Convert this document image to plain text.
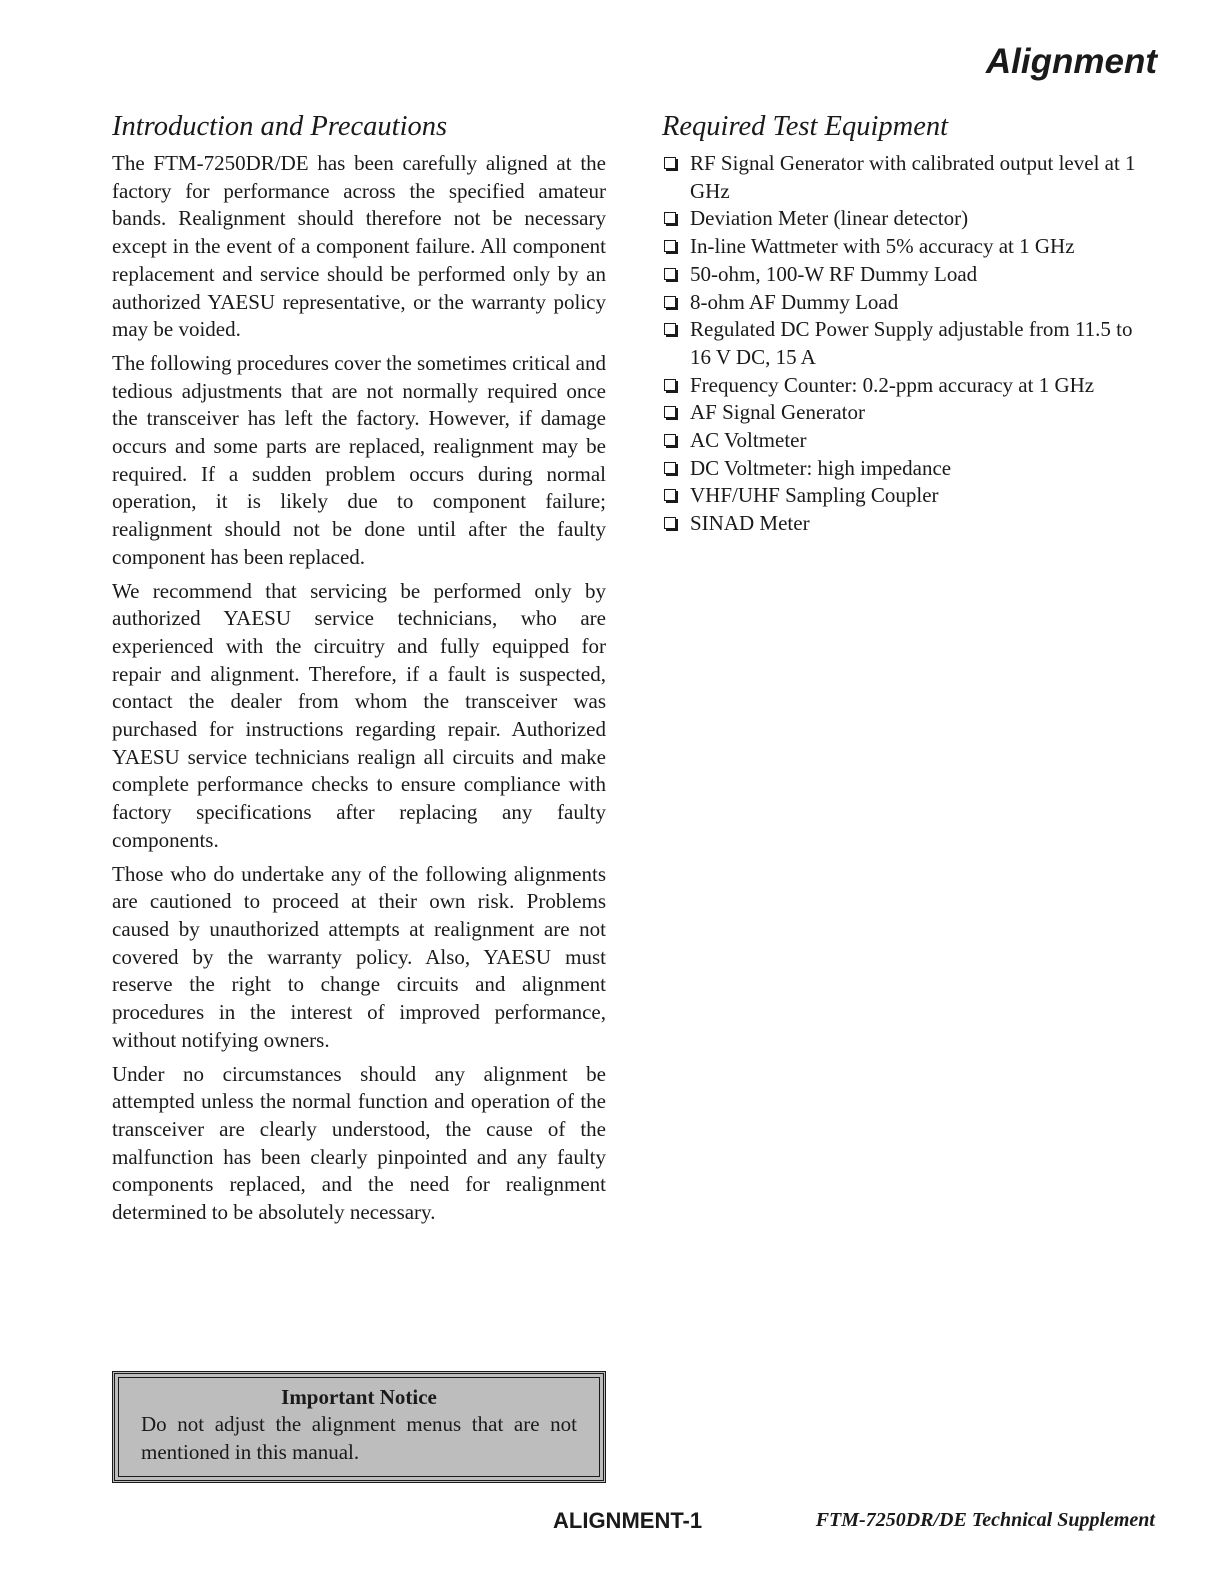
Alignment
Introduction and Precautions

The FTM-7250DR/DE has been carefully aligned at the factory for performance across the specified amateur bands. Realignment should therefore not be necessary except in the event of a component failure. All component replacement and service should be performed only by an authorized YAESU representative, or the warranty policy may be voided.

The following procedures cover the sometimes critical and tedious adjustments that are not normally required once the transceiver has left the factory. However, if damage occurs and some parts are replaced, realignment may be required. If a sudden problem occurs during normal operation, it is likely due to component failure; realignment should not be done until after the faulty component has been replaced.

We recommend that servicing be performed only by authorized YAESU service technicians, who are experienced with the circuitry and fully equipped for repair and alignment. Therefore, if a fault is suspected, contact the dealer from whom the transceiver was purchased for instructions regarding repair. Authorized YAESU service technicians realign all circuits and make complete performance checks to ensure compliance with factory specifications after replacing any faulty components.

Those who do undertake any of the following alignments are cautioned to proceed at their own risk. Problems caused by unauthorized attempts at realignment are not covered by the warranty policy. Also, YAESU must reserve the right to change circuits and alignment procedures in the interest of improved performance, without notifying owners.

Under no circumstances should any alignment be attempted unless the normal function and operation of the transceiver are clearly understood, the cause of the malfunction has been clearly pinpointed and any faulty components replaced, and the need for realignment determined to be absolutely necessary.

Required Test Equipment
RF Signal Generator with calibrated output level at 1 GHz
Deviation Meter (linear detector)
In-line Wattmeter with 5% accuracy at 1 GHz
50-ohm, 100-W RF Dummy Load
8-ohm AF Dummy Load
Regulated DC Power Supply adjustable from 11.5 to 16 V DC, 15 A
Frequency Counter: 0.2-ppm accuracy at 1 GHz
AF Signal Generator
AC Voltmeter
DC Voltmeter: high impedance
VHF/UHF Sampling Coupler
SINAD Meter
Important Notice
Do not adjust the alignment menus that are not mentioned in this manual.
ALIGNMENT-1	FTM-7250DR/DE Technical Supplement
